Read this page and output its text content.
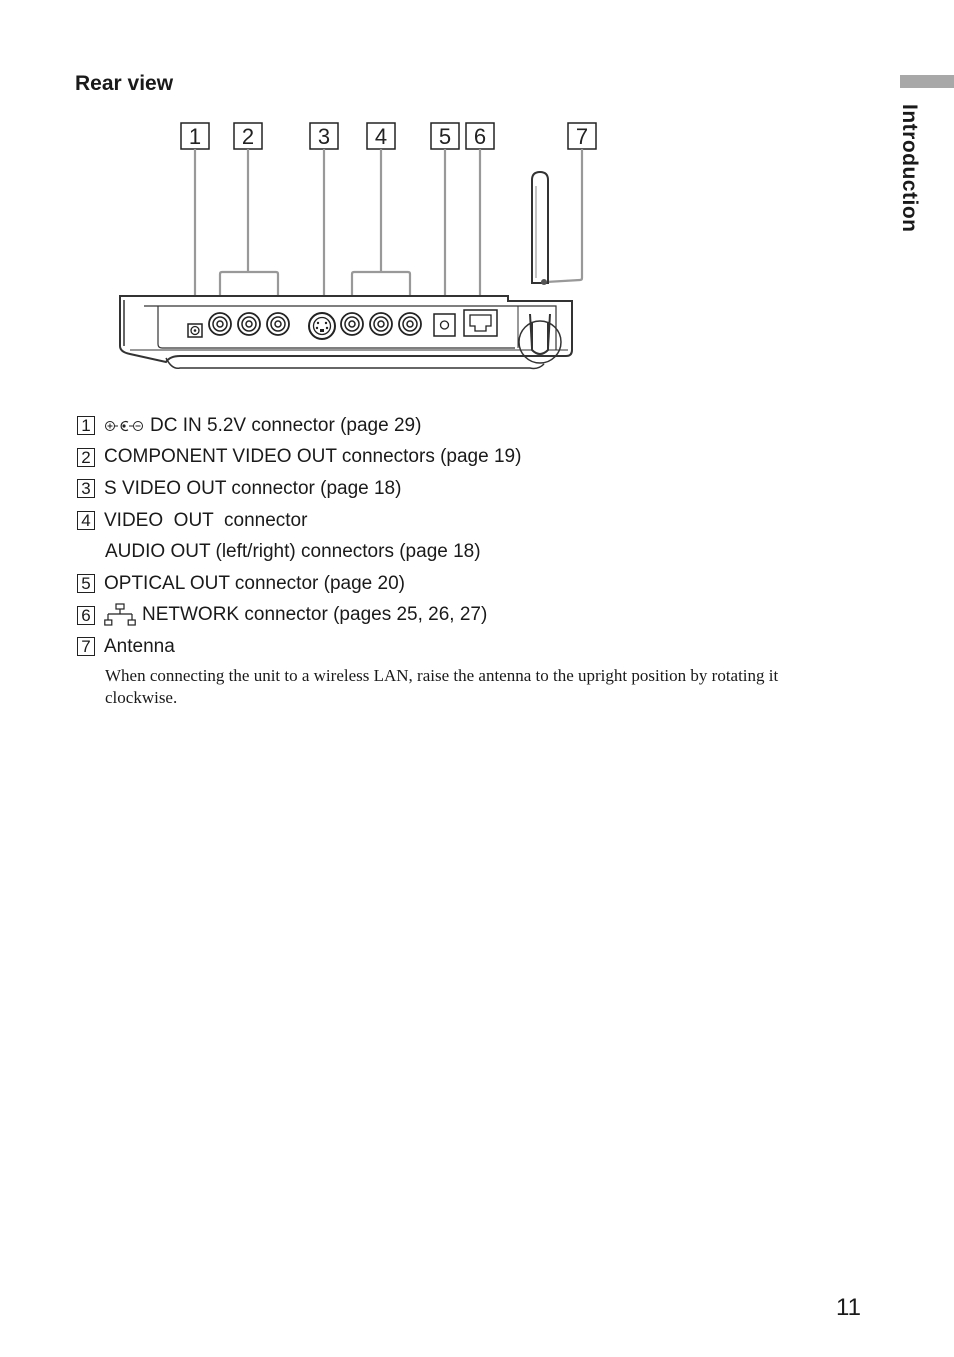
Rear view
Introduction
1 2	3 4 5 6	7
1	DC IN 5.2V connector (page 29)
2 COMPONENT VIDEO OUT connectors (page 19)
3 S VIDEO OUT connector (page 18)
4 VIDEO  OUT  connector
AUDIO OUT (left/right) connectors (page 18)
5 OPTICAL OUT connector (page 20)
6	NETWORK connector (pages 25, 26, 27)
7 Antenna
When connecting the unit to a wireless LAN, raise the antenna to the upright position by rotating it clockwise.
11
